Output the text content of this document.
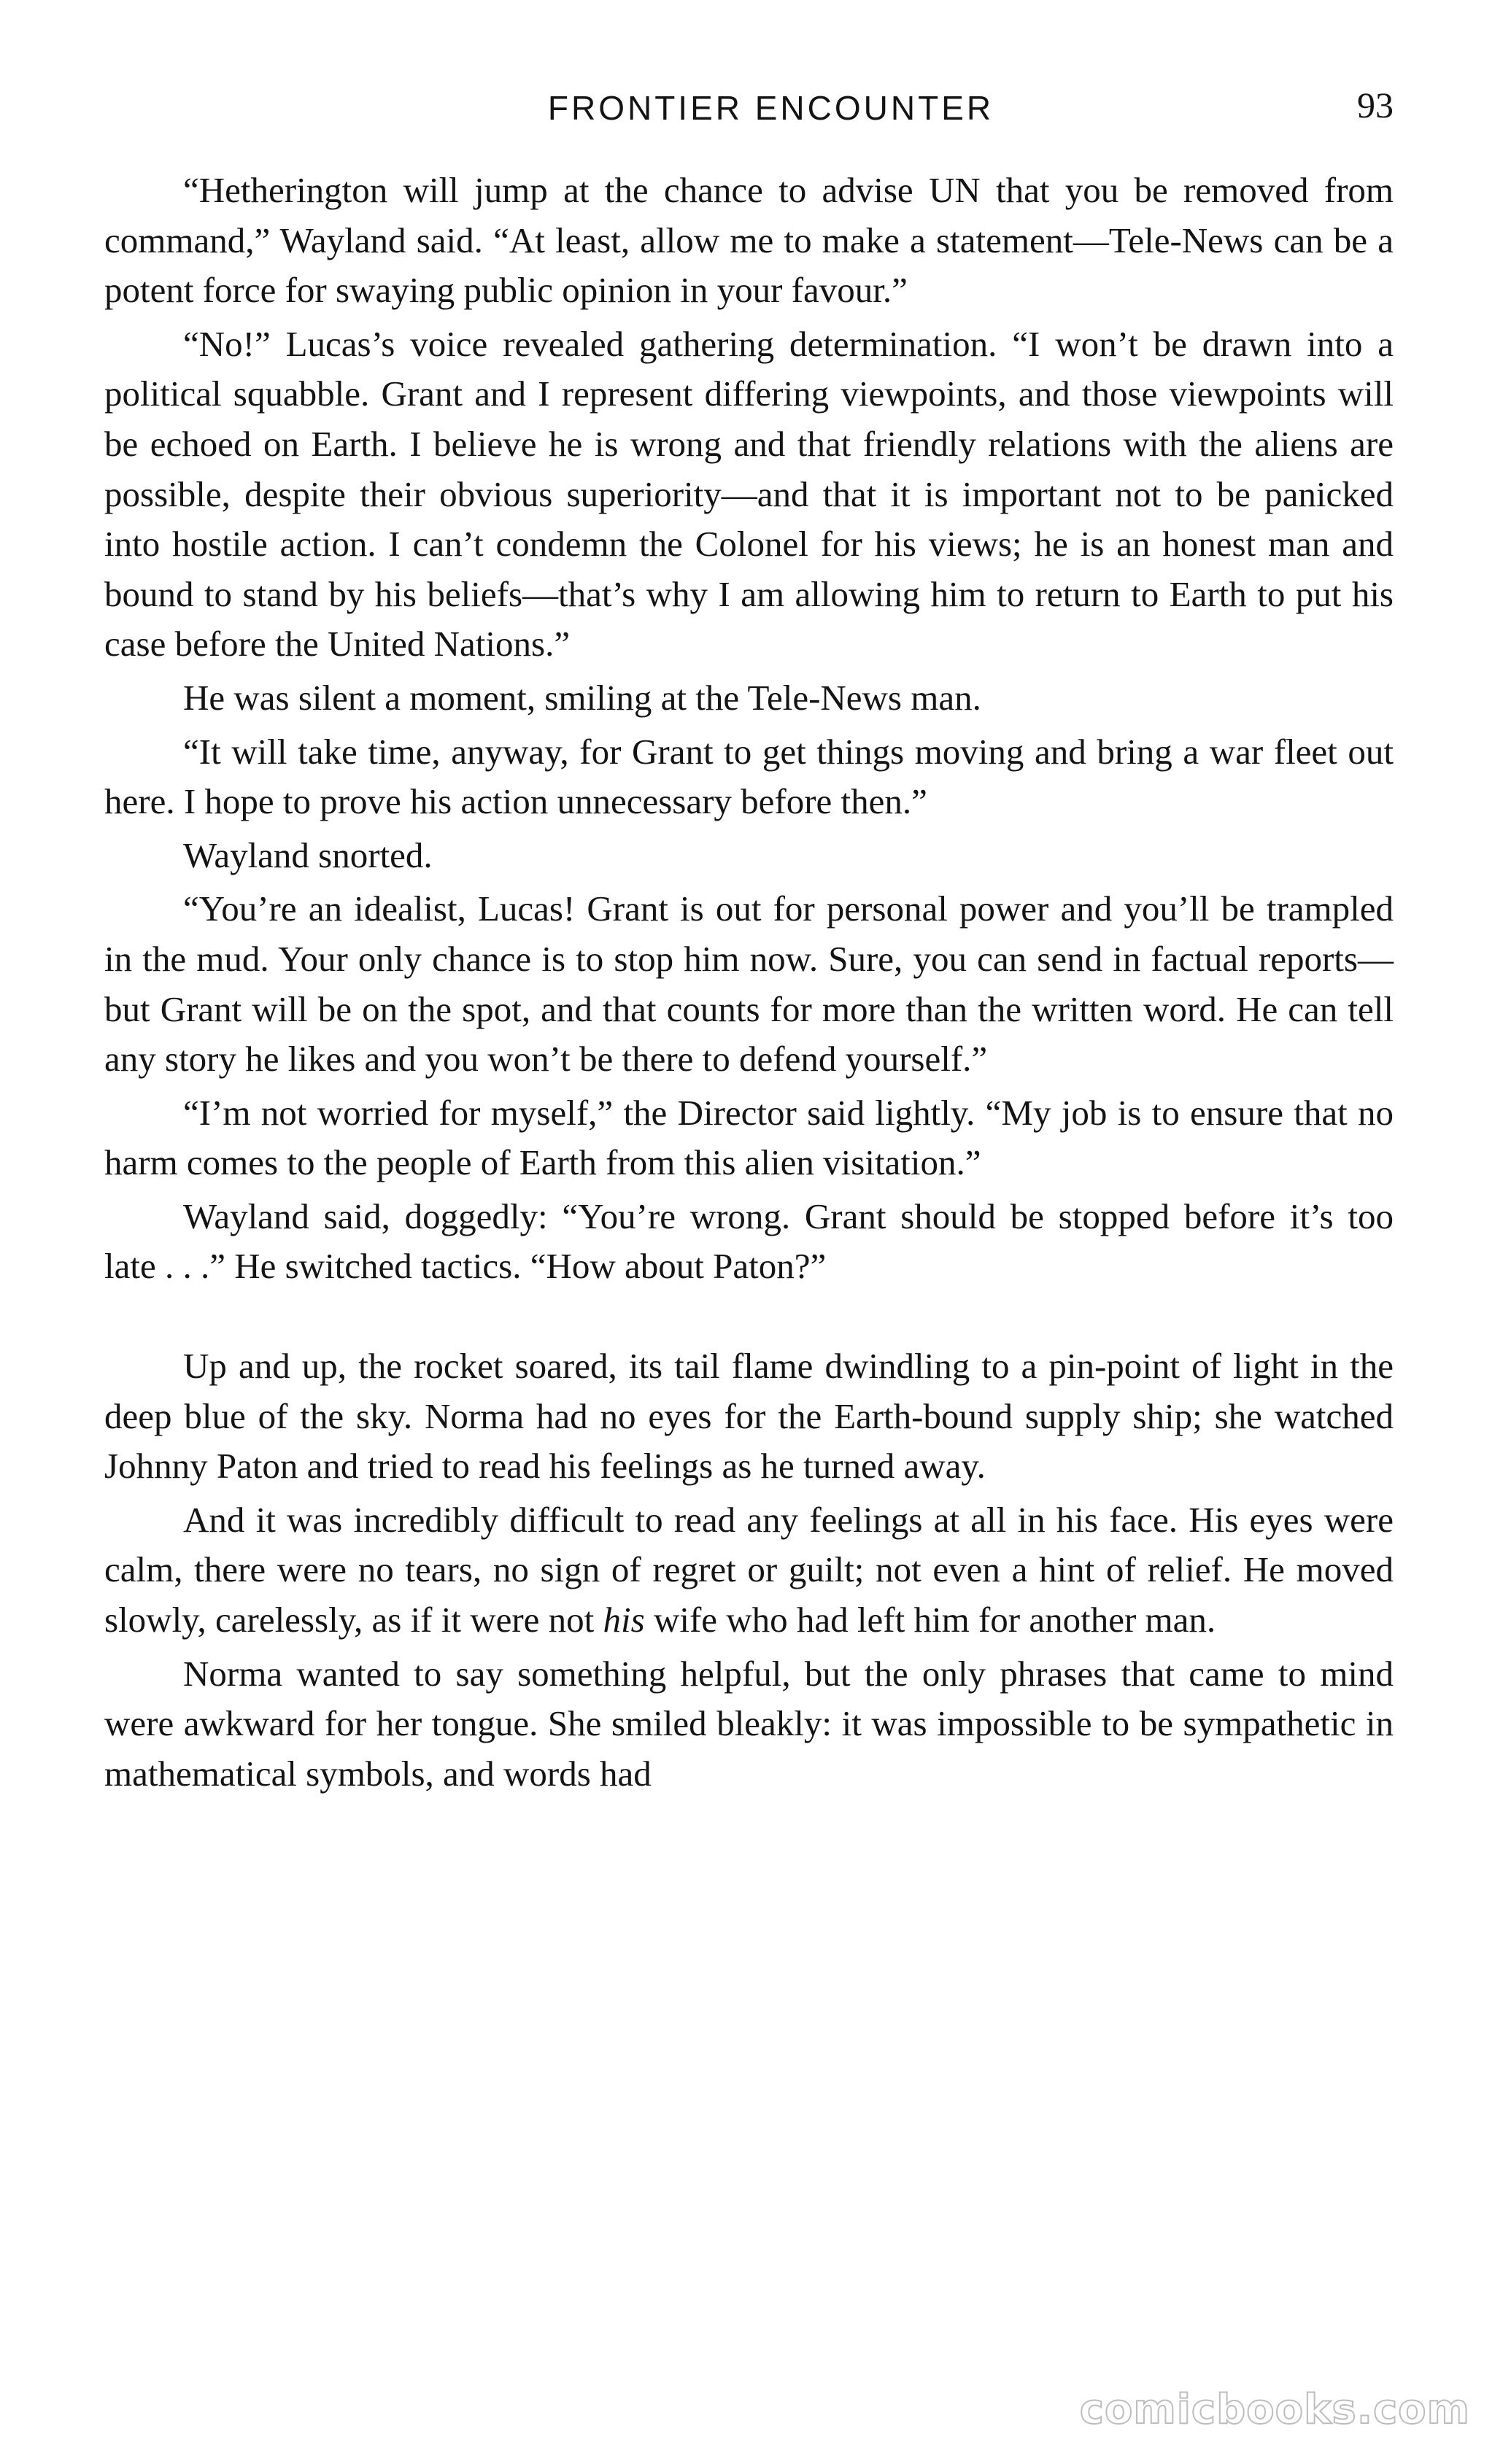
FRONTIER ENCOUNTER	93

“Hetherington will jump at the chance to advise UN that you be removed from command,” Wayland said. “At least, allow me to make a statement—Tele-News can be a potent force for swaying public opinion in your favour.”

“No!” Lucas’s voice revealed gathering determination. “I won’t be drawn into a political squabble. Grant and I represent differing viewpoints, and those viewpoints will be echoed on Earth. I believe he is wrong and that friendly relations with the aliens are possible, despite their obvious superiority—and that it is important not to be panicked into hostile action. I can’t condemn the Colonel for his views; he is an honest man and bound to stand by his beliefs—that’s why I am allowing him to return to Earth to put his case before the United Nations.”

He was silent a moment, smiling at the Tele-News man.

“It will take time, anyway, for Grant to get things moving and bring a war fleet out here. I hope to prove his action unnecessary before then.”

Wayland snorted.

“You’re an idealist, Lucas! Grant is out for personal power and you’ll be trampled in the mud. Your only chance is to stop him now. Sure, you can send in factual reports—but Grant will be on the spot, and that counts for more than the written word. He can tell any story he likes and you won’t be there to defend yourself.”

“I’m not worried for myself,” the Director said lightly. “My job is to ensure that no harm comes to the people of Earth from this alien visitation.”

Wayland said, doggedly: “You’re wrong. Grant should be stopped before it’s too late . . .” He switched tactics. “How about Paton?”

Up and up, the rocket soared, its tail flame dwindling to a pin-point of light in the deep blue of the sky. Norma had no eyes for the Earth-bound supply ship; she watched Johnny Paton and tried to read his feelings as he turned away.

And it was incredibly difficult to read any feelings at all in his face. His eyes were calm, there were no tears, no sign of regret or guilt; not even a hint of relief. He moved slowly, carelessly, as if it were not his wife who had left him for another man.

Norma wanted to say something helpful, but the only phrases that came to mind were awkward for her tongue. She smiled bleakly: it was impossible to be sympathetic in mathematical symbols, and words had

comicbooks.com
